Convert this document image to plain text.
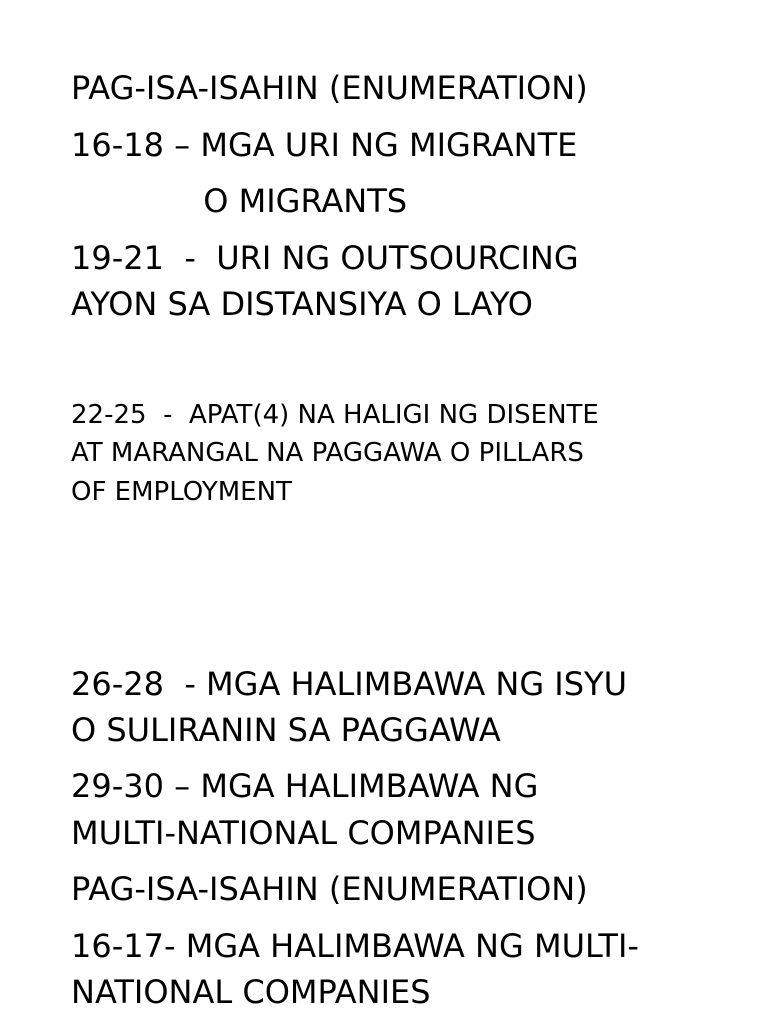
PAG-ISA-ISAHIN (ENUMERATION)

16-18 – MGA URI NG MIGRANTE

O MIGRANTS

19-21  -  URI NG OUTSOURCING

AYON SA DISTANSIYA O LAYO

22-25  -  APAT(4) NA HALIGI NG DISENTE

AT MARANGAL NA PAGGAWA O PILLARS

OF EMPLOYMENT

26-28  - MGA HALIMBAWA NG ISYU

O SULIRANIN SA PAGGAWA

29-30 – MGA HALIMBAWA NG

MULTI-NATIONAL COMPANIES

PAG-ISA-ISAHIN (ENUMERATION)

16-17- MGA HALIMBAWA NG MULTI-

NATIONAL COMPANIES
